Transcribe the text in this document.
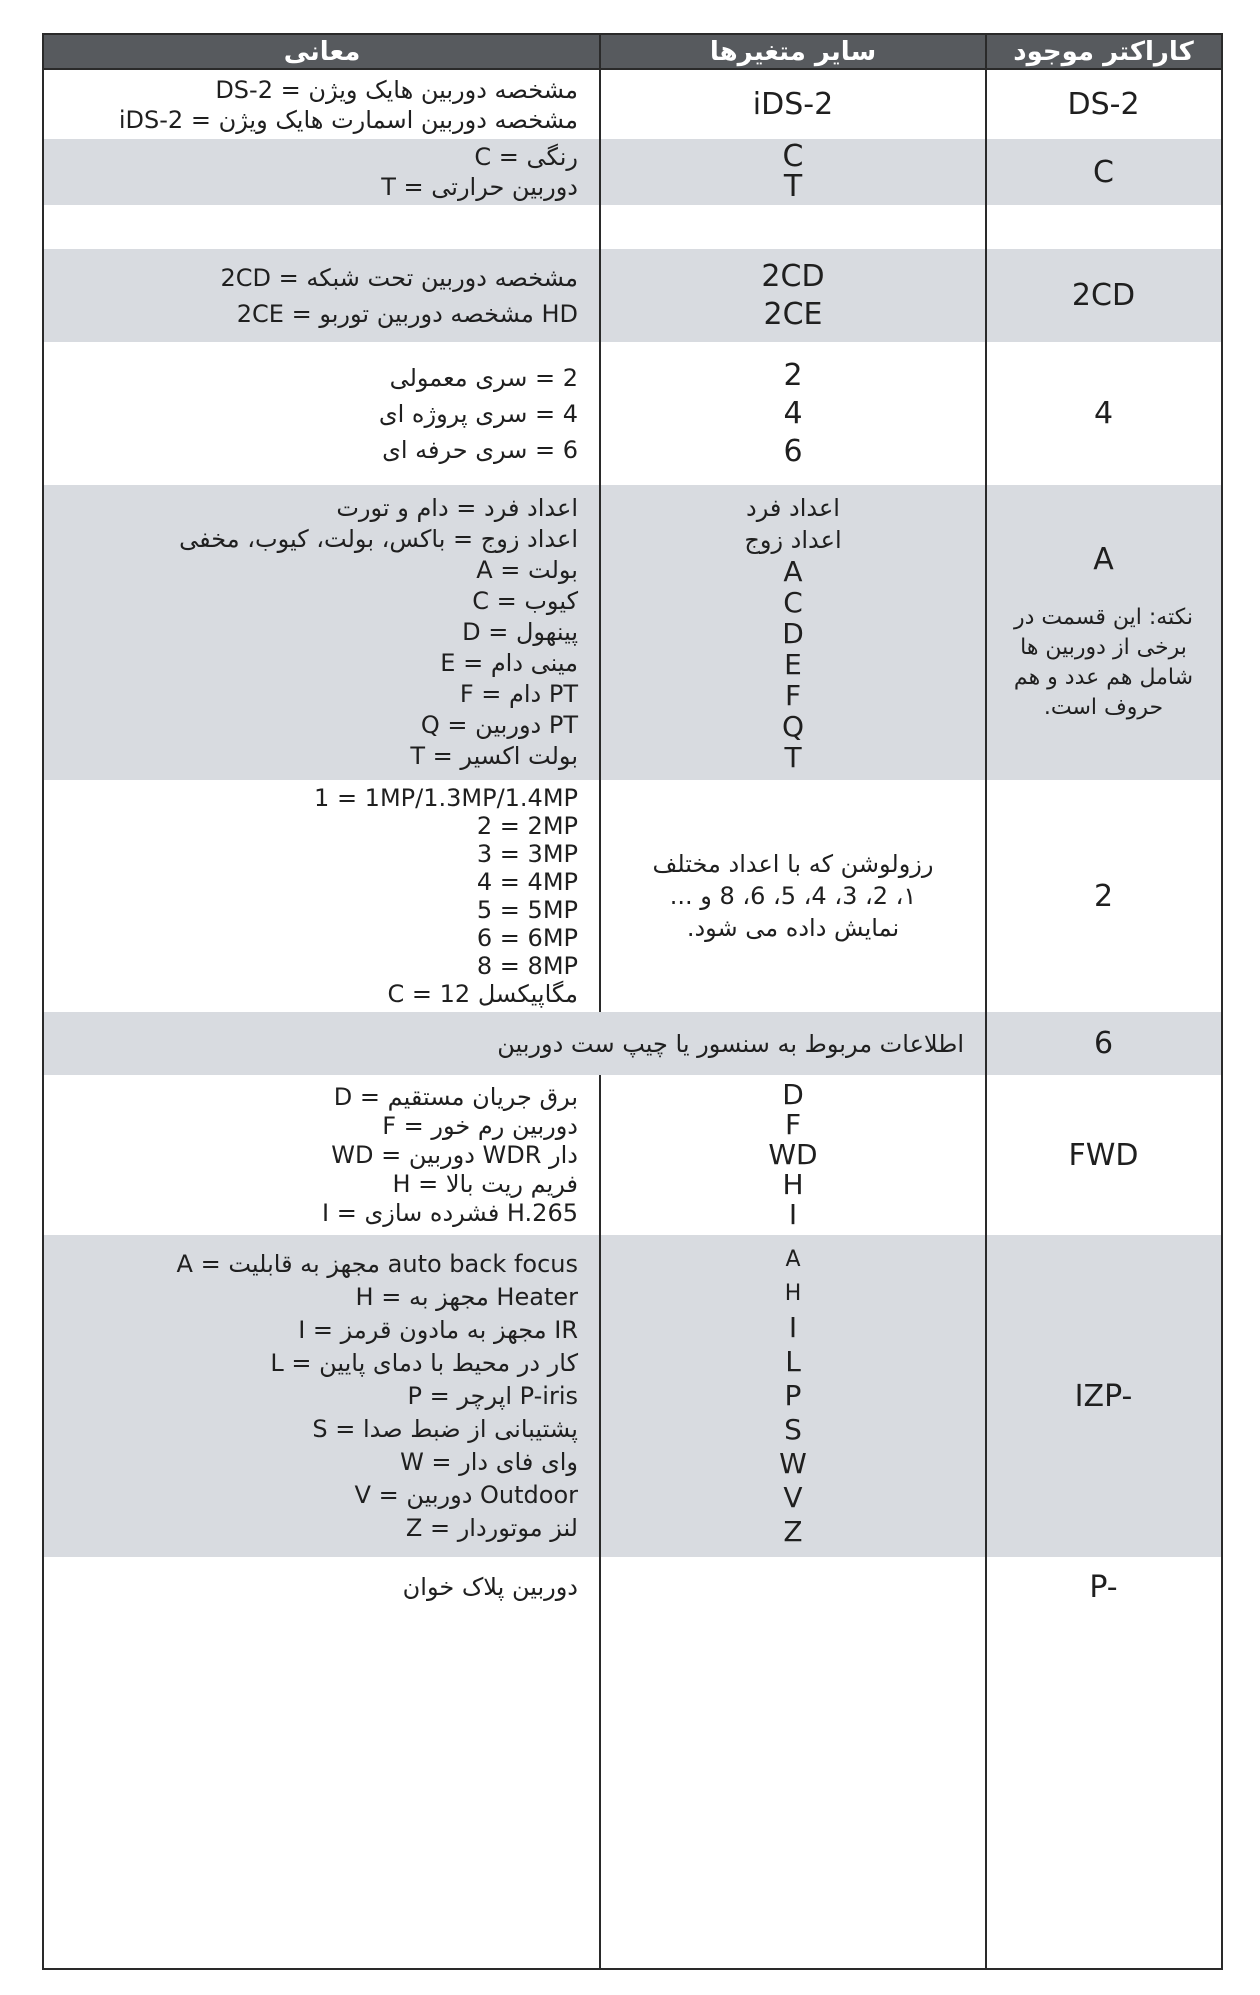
کاراکتر موجود
سایر متغیرها
معانی
DS-2
iDS-2
DS-2 = مشخصه دوربین هایک ویژن
iDS-2 = مشخصه دوربین اسمارت هایک ویژن
C
C
T
C = رنگی
T = دوربین حرارتی
2CD
2CD
2CE
2CD = مشخصه دوربین تحت شبکه
2CE = مشخصه دوربین توربو HD
4
2
4
6
2 = سری معمولی
4 = سری پروژه ای
6 = سری حرفه ای
A
نکته: این قسمت در برخی از دوربین ها شامل هم عدد و هم حروف است.
اعداد فرد
اعداد زوج
A
C
D
E
F
Q
T
اعداد فرد = دام و تورت
اعداد زوج = باکس، بولت، کیوب، مخفی
A = بولت
C = کیوب
D = پینهول
E = مینی دام
F = دام PT
Q = دوربین PT
T = بولت اکسیر
2
رزولوشن که با اعداد مختلف ۱، 2، 3، 4، 5، 6، 8 و ... نمایش داده می شود.
1 = 1MP/1.3MP/1.4MP
2 = 2MP
3 = 3MP
4 = 4MP
5 = 5MP
6 = 6MP
8 = 8MP
C = 12 مگاپیکسل
6
اطلاعات مربوط به سنسور یا چیپ ست دوربین
FWD
D
F
WD
H
I
D = برق جریان مستقیم
F = دوربین رم خور
WD = دوربین WDR دار
H = فریم ریت بالا
I = فشرده سازی H.265
IZP-
A
H
I
L
P
S
W
V
Z
A = مجهز به قابلیت auto back focus
H = مجهز به Heater
I = مجهز به مادون قرمز IR
L = کار در محیط با دمای پایین
P = اپرچر P-iris
S = پشتیبانی از ضبط صدا
W = وای فای دار
V = دوربین Outdoor
Z = لنز موتوردار
P-
دوربین پلاک خوان
